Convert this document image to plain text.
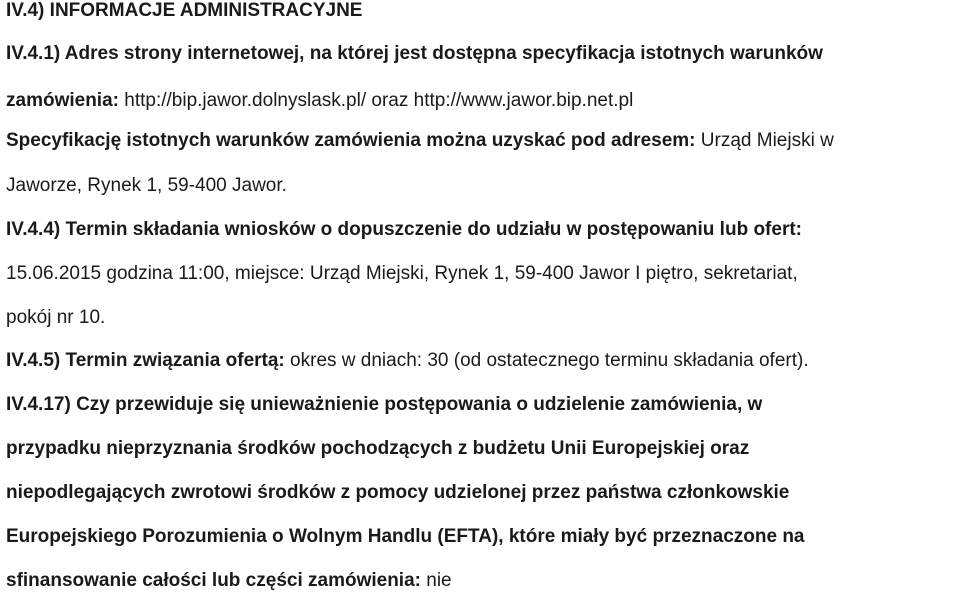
IV.4) INFORMACJE ADMINISTRACYJNE
IV.4.1) Adres strony internetowej, na której jest dostępna specyfikacja istotnych warunków
zamówienia: http://bip.jawor.dolnyslask.pl/ oraz http://www.jawor.bip.net.pl
Specyfikację istotnych warunków zamówienia można uzyskać pod adresem: Urząd Miejski w
Jaworze, Rynek 1, 59-400 Jawor.
IV.4.4) Termin składania wniosków o dopuszczenie do udziału w postępowaniu lub ofert:
15.06.2015 godzina 11:00, miejsce: Urząd Miejski, Rynek 1, 59-400 Jawor I piętro, sekretariat,
pokój nr 10.
IV.4.5) Termin związania ofertą: okres w dniach: 30 (od ostatecznego terminu składania ofert).
IV.4.17) Czy przewiduje się unieważnienie postępowania o udzielenie zamówienia, w
przypadku nieprzyznania środków pochodzących z budżetu Unii Europejskiej oraz
niepodlegających zwrotowi środków z pomocy udzielonej przez państwa członkowskie
Europejskiego Porozumienia o Wolnym Handlu (EFTA), które miały być przeznaczone na
sfinansowanie całości lub części zamówienia: nie
